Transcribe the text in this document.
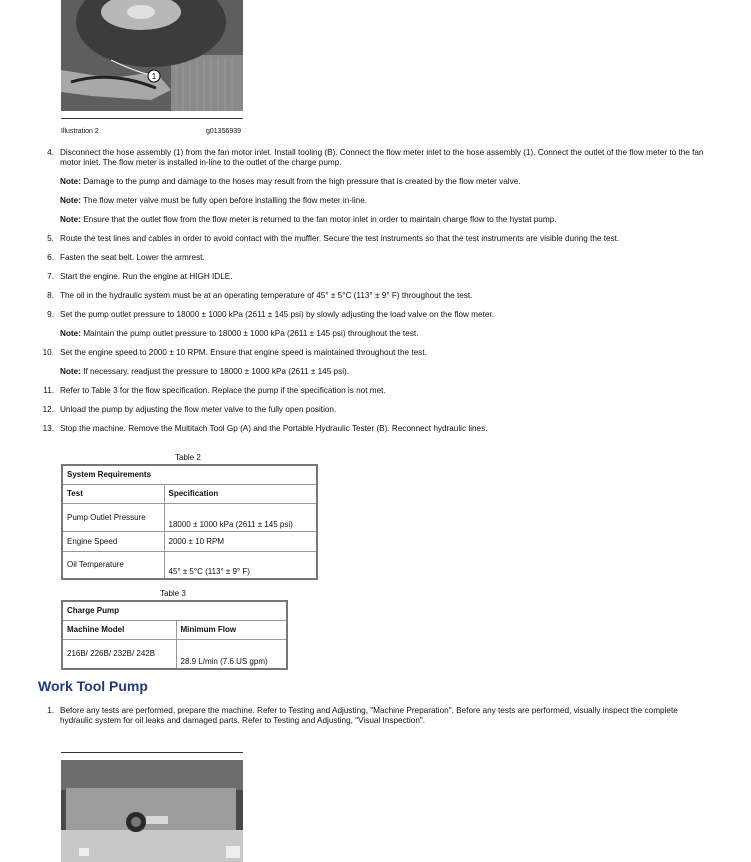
1
Illustration 2	g01356939
4. Disconnect the hose assembly (1) from the fan motor inlet. Install tooling (B). Connect the flow meter inlet to the hose assembly (1). Connect the outlet of the flow meter to the fan motor inlet. The flow meter is installed in-line to the outlet of the charge pump.
Note: Damage to the pump and damage to the hoses may result from the high pressure that is created by the flow meter valve.
Note: The flow meter valve must be fully open before installing the flow meter in-line.
Note: Ensure that the outlet flow from the flow meter is returned to the fan motor inlet in order to maintain charge flow to the hystat pump.
5. Route the test lines and cables in order to avoid contact with the muffler. Secure the test instruments so that the test instruments are visible during the test.
6. Fasten the seat belt. Lower the armrest.
7. Start the engine. Run the engine at HIGH IDLE.
8. The oil in the hydraulic system must be at an operating temperature of 45° ± 5°C (113° ± 9° F) throughout the test.
9. Set the pump outlet pressure to 18000 ± 1000 kPa (2611 ± 145 psi) by slowly adjusting the load valve on the flow meter.
Note: Maintain the pump outlet pressure to 18000 ± 1000 kPa (2611 ± 145 psi) throughout the test.
10. Set the engine speed to 2000 ± 10 RPM. Ensure that engine speed is maintained throughout the test.
Note: If necessary, readjust the pressure to 18000 ± 1000 kPa (2611 ± 145 psi).
11. Refer to Table 3 for the flow specification. Replace the pump if the specification is not met.
12. Unload the pump by adjusting the flow meter valve to the fully open position.
13. Stop the machine. Remove the Multitach Tool Gp (A) and the Portable Hydraulic Tester (B). Reconnect hydraulic lines.
Table 2
System Requirements	
Test	Specification
Pump Outlet Pressure	18000 ± 1000 kPa (2611 ± 145 psi)
Engine Speed	2000 ± 10 RPM
Oil Temperature	45° ± 5°C (113° ± 9° F)
Table 3
Charge Pump	
Machine Model	Minimum Flow
216B/ 226B/ 232B/ 242B	28.9 L/min (7.6 US gpm)
Work Tool Pump
1. Before any tests are performed, prepare the machine. Refer to Testing and Adjusting, "Machine Preparation". Before any tests are performed, visually inspect the complete hydraulic system for oil leaks and damaged parts. Refer to Testing and Adjusting, "Visual Inspection".
